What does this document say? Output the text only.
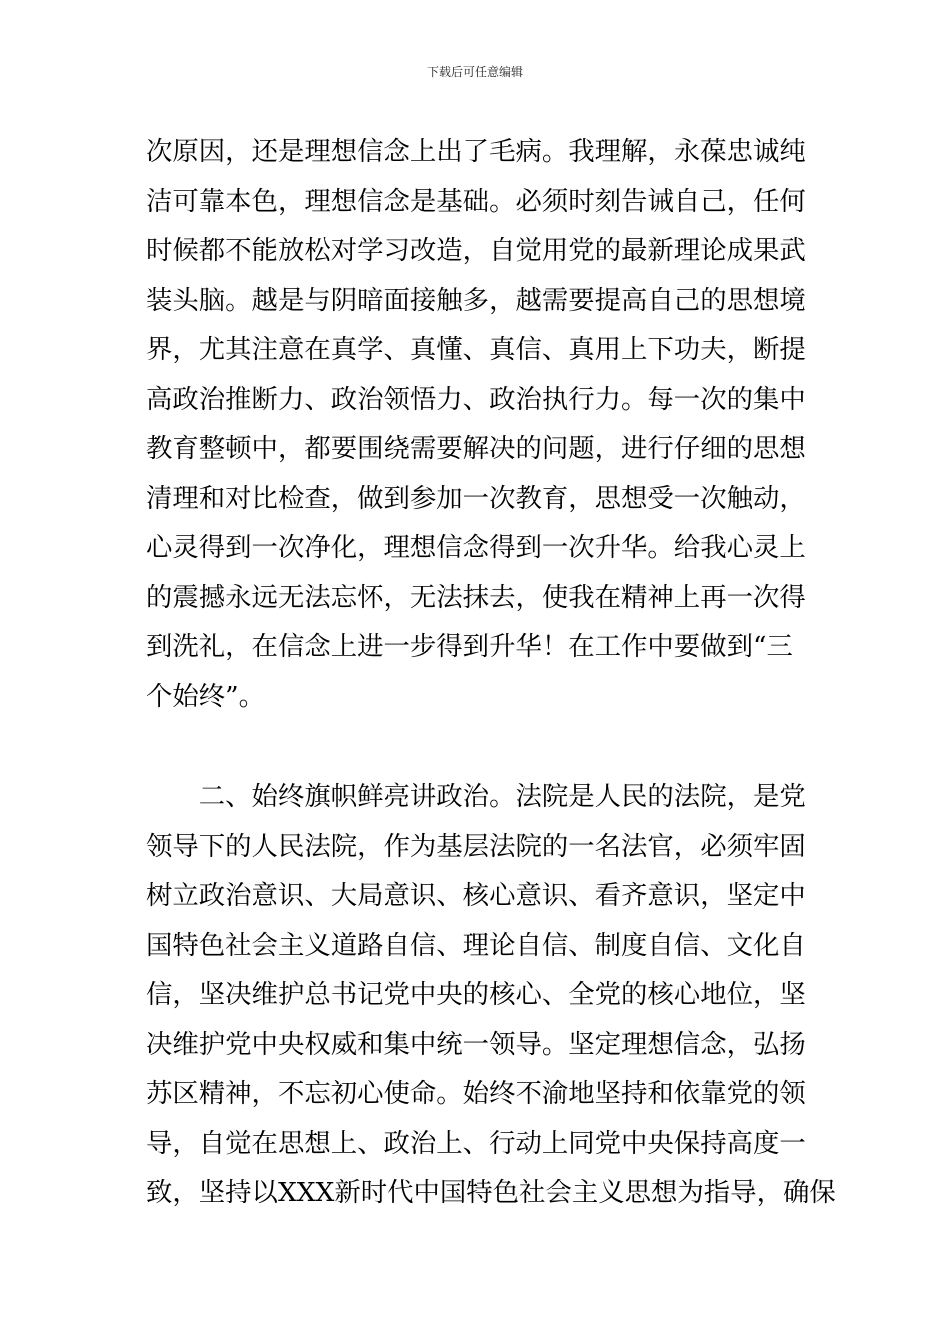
下载后可任意编辑
次原因，还是理想信念上出了毛病。我理解，永葆忠诚纯
洁可靠本色，理想信念是基础。必须时刻告诫自己，任何
时候都不能放松对学习改造，自觉用党的最新理论成果武
装头脑。越是与阴暗面接触多，越需要提高自己的思想境
界，尤其注意在真学、真懂、真信、真用上下功夫，断提
高政治推断力、政治领悟力、政治执行力。每一次的集中
教育整顿中，都要围绕需要解决的问题，进行仔细的思想
清理和对比检查，做到参加一次教育，思想受一次触动，
心灵得到一次净化，理想信念得到一次升华。给我心灵上
的震撼永远无法忘怀，无法抹去，使我在精神上再一次得
到洗礼，在信念上进一步得到升华！在工作中要做到“三
个始终”。
　　二、始终旗帜鲜亮讲政治。法院是人民的法院，是党
领导下的人民法院，作为基层法院的一名法官，必须牢固
树立政治意识、大局意识、核心意识、看齐意识，坚定中
国特色社会主义道路自信、理论自信、制度自信、文化自
信，坚决维护总书记党中央的核心、全党的核心地位，坚
决维护党中央权威和集中统一领导。坚定理想信念，弘扬
苏区精神，不忘初心使命。始终不渝地坚持和依靠党的领
导，自觉在思想上、政治上、行动上同党中央保持高度一
致，坚持以XXX新时代中国特色社会主义思想为指导，确保
